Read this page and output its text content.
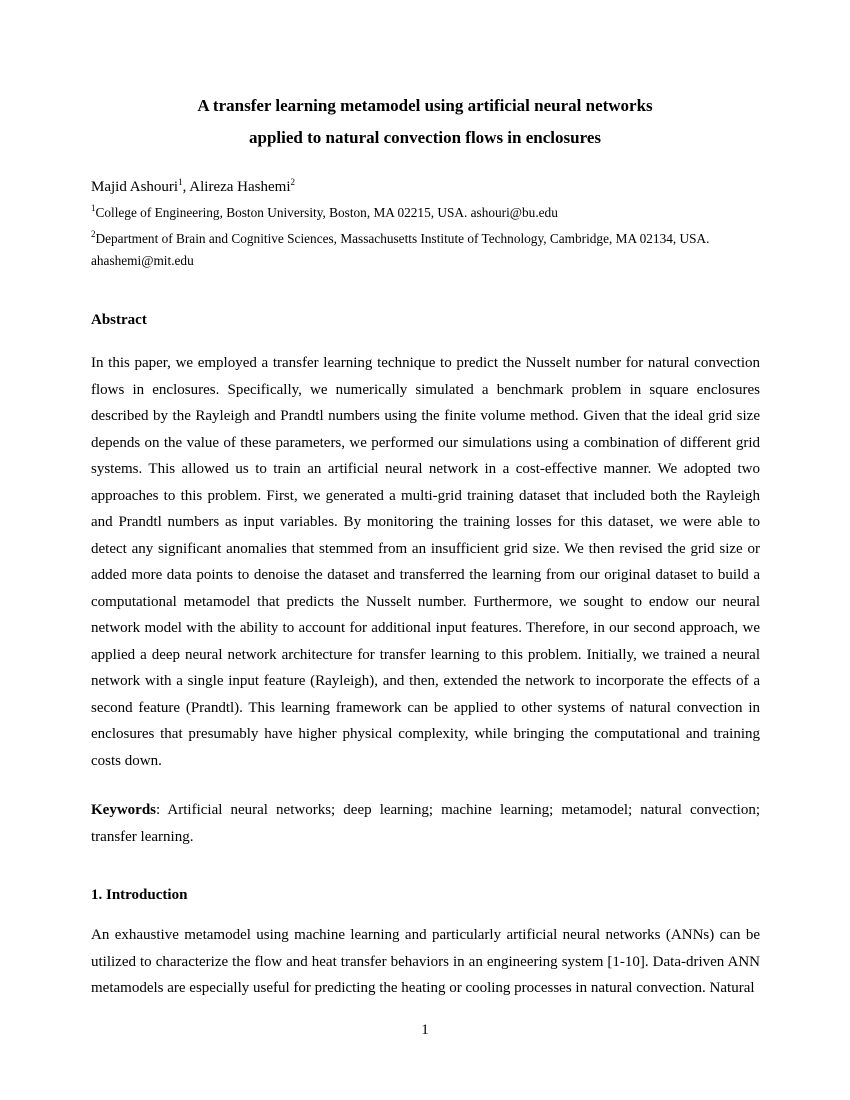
A transfer learning metamodel using artificial neural networks
applied to natural convection flows in enclosures
Majid Ashouri$^1$, Alireza Hashemi$^2$
$^1$College of Engineering, Boston University, Boston, MA 02215, USA. ashouri@bu.edu
$^2$Department of Brain and Cognitive Sciences, Massachusetts Institute of Technology, Cambridge, MA 02134, USA. ahashemi@mit.edu
Abstract
In this paper, we employed a transfer learning technique to predict the Nusselt number for natural convection flows in enclosures. Specifically, we numerically simulated a benchmark problem in square enclosures described by the Rayleigh and Prandtl numbers using the finite volume method. Given that the ideal grid size depends on the value of these parameters, we performed our simulations using a combination of different grid systems. This allowed us to train an artificial neural network in a cost-effective manner. We adopted two approaches to this problem. First, we generated a multi-grid training dataset that included both the Rayleigh and Prandtl numbers as input variables. By monitoring the training losses for this dataset, we were able to detect any significant anomalies that stemmed from an insufficient grid size. We then revised the grid size or added more data points to denoise the dataset and transferred the learning from our original dataset to build a computational metamodel that predicts the Nusselt number. Furthermore, we sought to endow our neural network model with the ability to account for additional input features. Therefore, in our second approach, we applied a deep neural network architecture for transfer learning to this problem. Initially, we trained a neural network with a single input feature (Rayleigh), and then, extended the network to incorporate the effects of a second feature (Prandtl). This learning framework can be applied to other systems of natural convection in enclosures that presumably have higher physical complexity, while bringing the computational and training costs down.
Keywords: Artificial neural networks; deep learning; machine learning; metamodel; natural convection; transfer learning.
1. Introduction
An exhaustive metamodel using machine learning and particularly artificial neural networks (ANNs) can be utilized to characterize the flow and heat transfer behaviors in an engineering system [1-10]. Data-driven ANN metamodels are especially useful for predicting the heating or cooling processes in natural convection. Natural
1
